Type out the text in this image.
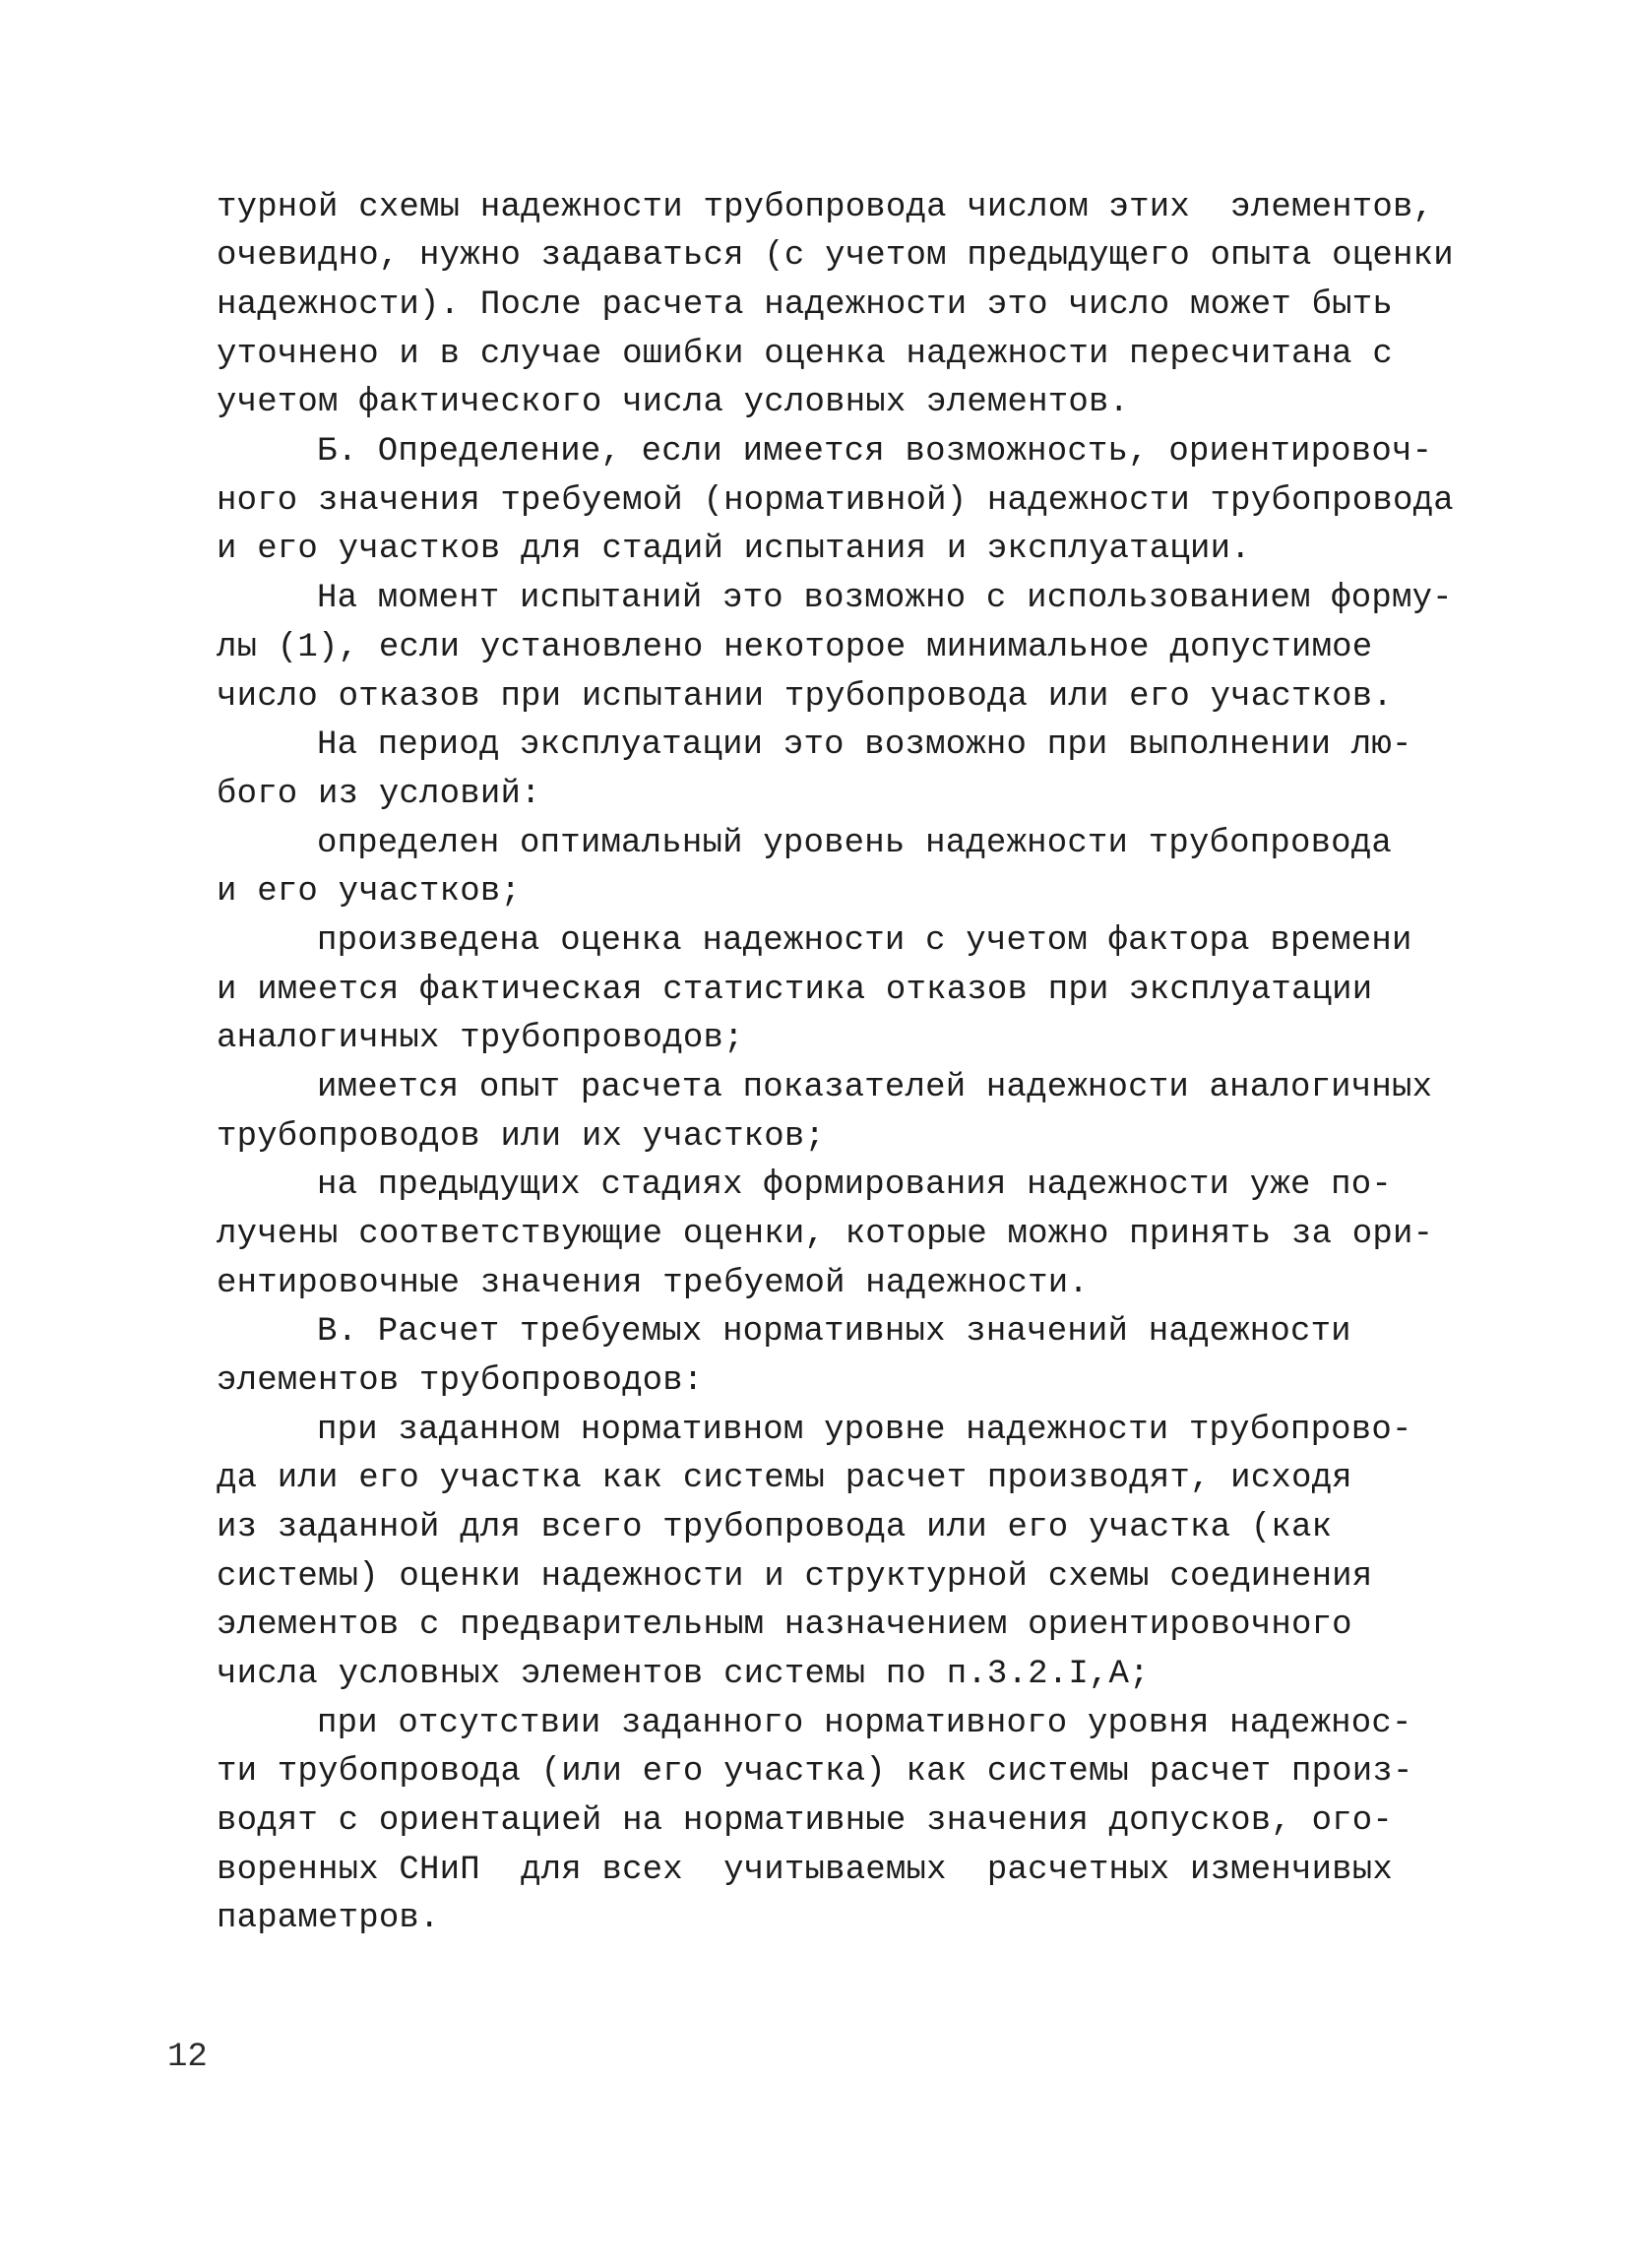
турной схемы надежности трубопровода числом этих  элементов,
очевидно, нужно задаваться (с учетом предыдущего опыта оценки
надежности). После расчета надежности это число может быть
уточнено и в случае ошибки оценка надежности пересчитана с
учетом фактического числа условных элементов.
Б. Определение, если имеется возможность, ориентировоч-
ного значения требуемой (нормативной) надежности трубопровода
и его участков для стадий испытания и эксплуатации.
На момент испытаний это возможно с использованием форму-
лы (1), если установлено некоторое минимальное допустимое
число отказов при испытании трубопровода или его участков.
На период эксплуатации это возможно при выполнении лю-
бого из условий:
определен оптимальный уровень надежности трубопровода
и его участков;
произведена оценка надежности с учетом фактора времени
и имеется фактическая статистика отказов при эксплуатации
аналогичных трубопроводов;
имеется опыт расчета показателей надежности аналогичных
трубопроводов или их участков;
на предыдущих стадиях формирования надежности уже по-
лучены соответствующие оценки, которые можно принять за ори-
ентировочные значения требуемой надежности.
В. Расчет требуемых нормативных значений надежности
элементов трубопроводов:
при заданном нормативном уровне надежности трубопрово-
да или его участка как системы расчет производят, исходя
из заданной для всего трубопровода или его участка (как
системы) оценки надежности и структурной схемы соединения
элементов с предварительным назначением ориентировочного
числа условных элементов системы по п.3.2.I,А;
при отсутствии заданного нормативного уровня надежнос-
ти трубопровода (или его участка) как системы расчет произ-
водят с ориентацией на нормативные значения допусков, ого-
воренных СНиП  для всех  учитываемых  расчетных изменчивых
параметров.
12
